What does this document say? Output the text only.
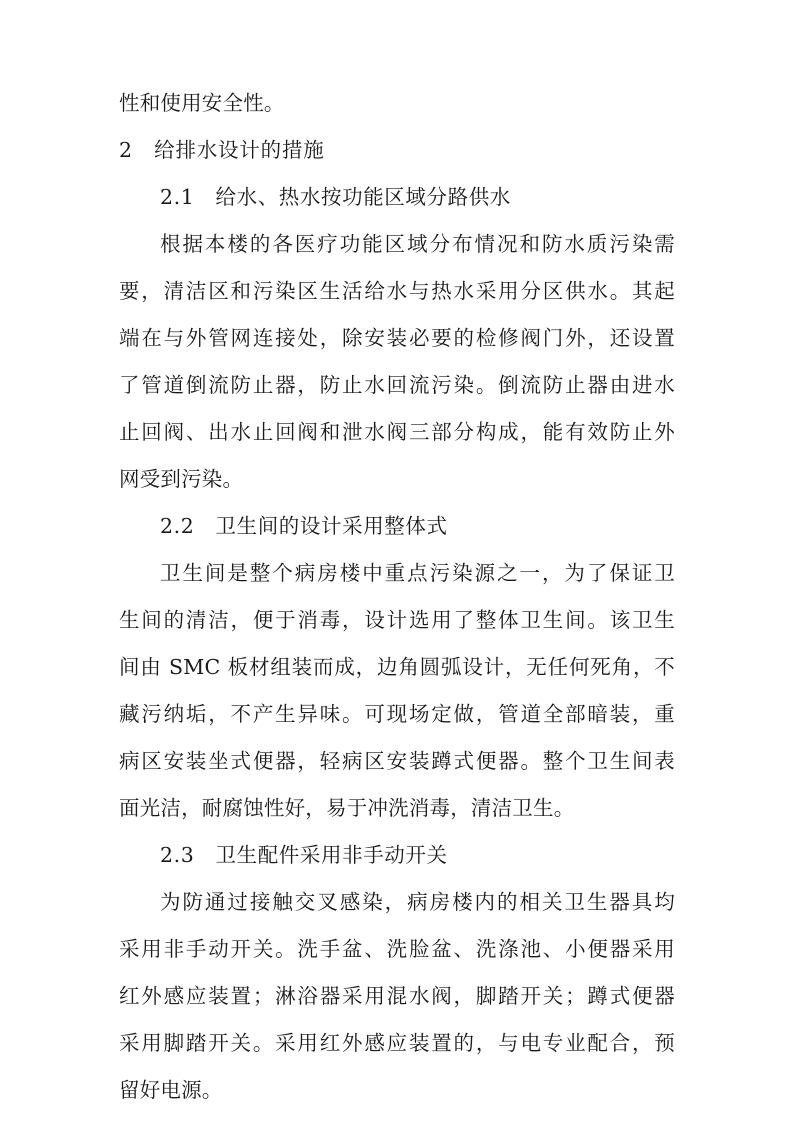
性和使用安全性。
2　给排水设计的措施
2.1　给水、热水按功能区域分路供水
根据本楼的各医疗功能区域分布情况和防水质污染需
要，清洁区和污染区生活给水与热水采用分区供水。其起
端在与外管网连接处，除安装必要的检修阀门外，还设置
了管道倒流防止器，防止水回流污染。倒流防止器由进水
止回阀、出水止回阀和泄水阀三部分构成，能有效防止外
网受到污染。
2.2　卫生间的设计采用整体式
卫生间是整个病房楼中重点污染源之一，为了保证卫
生间的清洁，便于消毒，设计选用了整体卫生间。该卫生
间由 SMC 板材组装而成，边角圆弧设计，无任何死角，不
藏污纳垢，不产生异味。可现场定做，管道全部暗装，重
病区安装坐式便器，轻病区安装蹲式便器。整个卫生间表
面光洁，耐腐蚀性好，易于冲洗消毒，清洁卫生。
2.3　卫生配件采用非手动开关
为防通过接触交叉感染，病房楼内的相关卫生器具均
采用非手动开关。洗手盆、洗脸盆、洗涤池、小便器采用
红外感应装置；淋浴器采用混水阀，脚踏开关；蹲式便器
采用脚踏开关。采用红外感应装置的，与电专业配合，预
留好电源。
